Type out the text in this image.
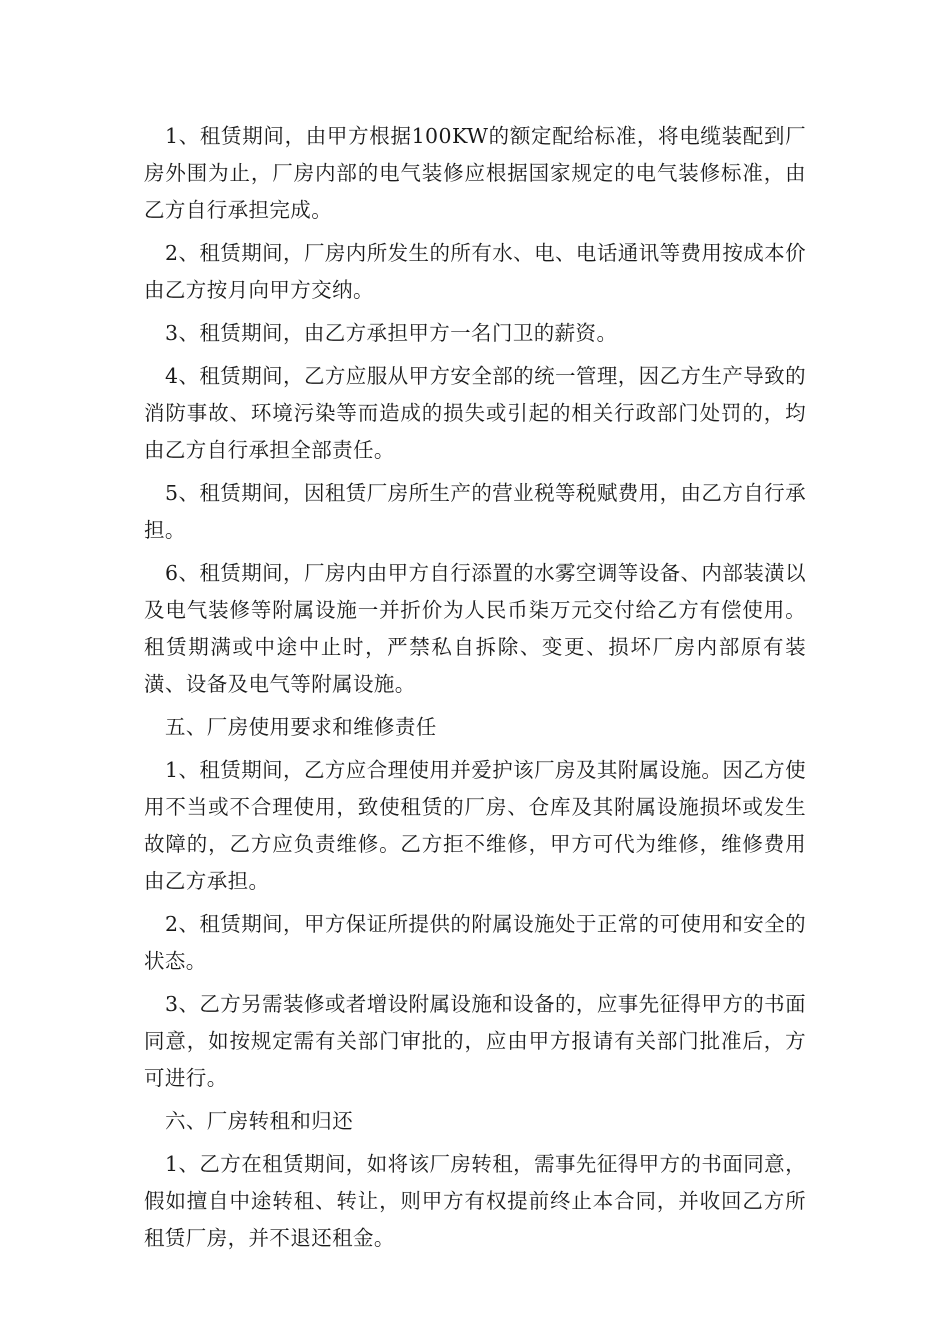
1、租赁期间，由甲方根据100KW的额定配给标准，将电缆装配到厂房外围为止，厂房内部的电气装修应根据国家规定的电气装修标准，由乙方自行承担完成。

2、租赁期间，厂房内所发生的所有水、电、电话通讯等费用按成本价由乙方按月向甲方交纳。

3、租赁期间，由乙方承担甲方一名门卫的薪资。

4、租赁期间，乙方应服从甲方安全部的统一管理，因乙方生产导致的消防事故、环境污染等而造成的损失或引起的相关行政部门处罚的，均由乙方自行承担全部责任。

5、租赁期间，因租赁厂房所生产的营业税等税赋费用，由乙方自行承担。

6、租赁期间，厂房内由甲方自行添置的水雾空调等设备、内部装潢以及电气装修等附属设施一并折价为人民币柒万元交付给乙方有偿使用。租赁期满或中途中止时，严禁私自拆除、变更、损坏厂房内部原有装潢、设备及电气等附属设施。

五、厂房使用要求和维修责任

1、租赁期间，乙方应合理使用并爱护该厂房及其附属设施。因乙方使用不当或不合理使用，致使租赁的厂房、仓库及其附属设施损坏或发生故障的，乙方应负责维修。乙方拒不维修，甲方可代为维修，维修费用由乙方承担。

2、租赁期间，甲方保证所提供的附属设施处于正常的可使用和安全的状态。

3、乙方另需装修或者增设附属设施和设备的，应事先征得甲方的书面同意，如按规定需有关部门审批的，应由甲方报请有关部门批准后，方可进行。

六、厂房转租和归还

1、乙方在租赁期间，如将该厂房转租，需事先征得甲方的书面同意，假如擅自中途转租、转让，则甲方有权提前终止本合同，并收回乙方所租赁厂房，并不退还租金。
